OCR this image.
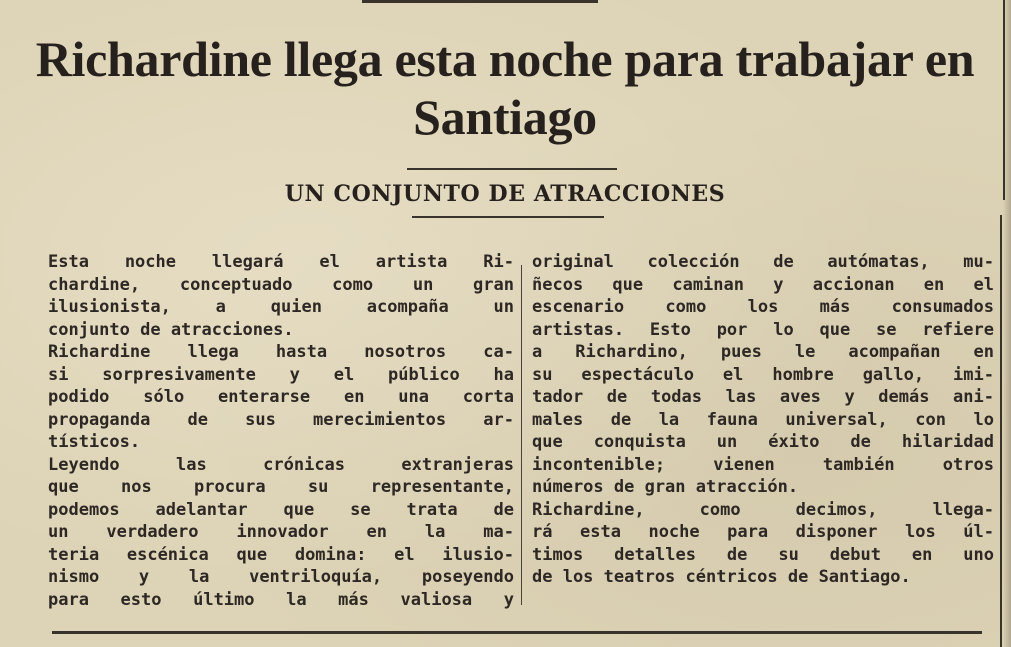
Richardine llega esta noche para trabajar en Santiago
UN CONJUNTO DE ATRACCIONES
Esta noche llegará el artista Ri-
chardine, conceptuado como un gran
ilusionista, a quien acompaña un
conjunto de atracciones.
Richardine llega hasta nosotros ca-
si sorpresivamente y el público ha
podido sólo enterarse en una corta
propaganda de sus merecimientos ar-
tísticos.
Leyendo las crónicas extranjeras
que nos procura su representante,
podemos adelantar que se trata de
un verdadero innovador en la ma-
teria escénica que domina: el ilusio-
nismo y la ventriloquía, poseyendo
para esto último la más valiosa y
original colección de autómatas, mu-
ñecos que caminan y accionan en el
escenario como los más consumados
artistas. Esto por lo que se refiere
a Richardino, pues le acompañan en
su espectáculo el hombre gallo, imi-
tador de todas las aves y demás ani-
males de la fauna universal, con lo
que conquista un éxito de hilaridad
incontenible; vienen también otros
números de gran atracción.
Richardine, como decimos, llega-
rá esta noche para disponer los úl-
timos detalles de su debut en uno
de los teatros céntricos de Santiago.
